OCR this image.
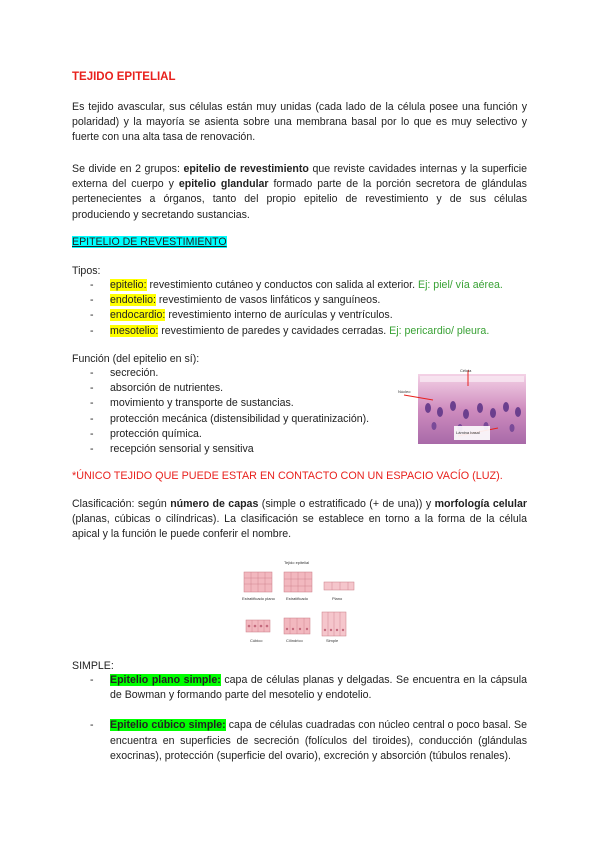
TEJIDO EPITELIAL

Es tejido avascular, sus células están muy unidas (cada lado de la célula posee una función y polaridad) y la mayoría se asienta sobre una membrana basal por lo que es muy selectivo y fuerte con una alta tasa de renovación.

Se divide en 2 grupos: epitelio de revestimiento que reviste cavidades internas y la superficie externa del cuerpo y epitelio glandular formado parte de la porción secretora de glándulas pertenecientes a órganos, tanto del propio epitelio de revestimiento y de sus células produciendo y secretando sustancias.

EPITELIO DE REVESTIMIENTO

Tipos:

- epitelio: revestimiento cutáneo y conductos con salida al exterior. Ej: piel/ vía aérea.
- endotelio: revestimiento de vasos linfáticos y sanguíneos.
- endocardio: revestimiento interno de aurículas y ventrículos.
- mesotelio: revestimiento de paredes y cavidades cerradas. Ej: pericardio/ pleura.

Función (del epitelio en sí):

- secreción.
- absorción de nutrientes.
- movimiento y transporte de sustancias.
- protección mecánica (distensibilidad y queratinización).
- protección química.
- recepción sensorial y sensitiva
Núcleo
Célula
Lámina basal

*ÚNICO TEJIDO QUE PUEDE ESTAR EN CONTACTO CON UN ESPACIO VACÍO (LUZ).

Clasificación: según número de capas (simple o estratificado (+ de una)) y morfología celular (planas, cúbicas o cilíndricas). La clasificación se establece en torno a la forma de la célula apical y la función le puede conferir el nombre.

Tejido epitelial
Estratificado plano	Estratificado	Plano
Cúbico	Cilíndrico	Simple

SIMPLE:

- Epitelio plano simple: capa de células planas y delgadas. Se encuentra en la cápsula de Bowman y formando parte del mesotelio y endotelio.
- Epitelio cúbico simple: capa de células cuadradas con núcleo central o poco basal. Se encuentra en superficies de secreción (folículos del tiroides), conducción (glándulas exocrinas), protección (superficie del ovario), excreción y absorción (túbulos renales).
